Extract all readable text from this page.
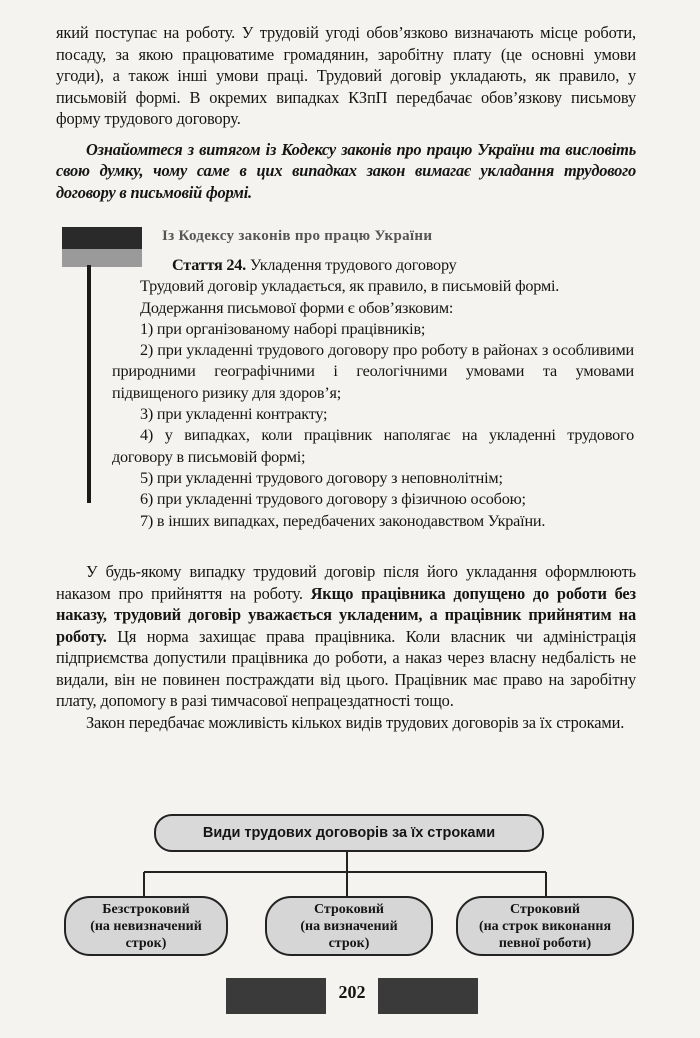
який поступає на роботу. У трудовій угоді обов’язково визначають місце роботи, посаду, за якою працюватиме громадянин, заробітну плату (це основні умови угоди), а також інші умови праці. Трудовий договір укладають, як правило, у письмовій формі. В окремих випадках КЗпП передбачає обов’язкову письмову форму трудового договору.

Ознайомтеся з витягом із Кодексу законів про працю України та висловіть свою думку, чому саме в цих випадках закон вимагає укладання трудового договору в письмовій формі.

Із Кодексу законів про працю України
Стаття 24. Укладення трудового договору

Трудовий договір укладається, як правило, в письмовій формі.

Додержання письмової форми є обов’язковим:

1) при організованому наборі працівників;

2) при укладенні трудового договору про роботу в районах з особливими природними географічними і геологічними умовами та умовами підвищеного ризику для здоров’я;

3) при укладенні контракту;

4) у випадках, коли працівник наполягає на укладенні трудового договору в письмовій формі;

5) при укладенні трудового договору з неповнолітнім;

6) при укладенні трудового договору з фізичною особою;

7) в інших випадках, передбачених законодавством України.

У будь-якому випадку трудовий договір після його укладання оформлюють наказом про прийняття на роботу. Якщо працівника допущено до роботи без наказу, трудовий договір уважається укладеним, а працівник прийнятим на роботу. Ця норма захищає права працівника. Коли власник чи адміністрація підприємства допустили працівника до роботи, а наказ через власну недбалість не видали, він не повинен постраждати від цього. Працівник має право на заробітну плату, допомогу в разі тимчасової непрацездатності тощо.

Закон передбачає можливість кількох видів трудових договорів за їх строками.

Види трудових договорів за їх строками
Безстроковий
(на невизначений
строк)
Строковий
(на визначений
строк)
Строковий
(на строк виконання
певної роботи)
202
